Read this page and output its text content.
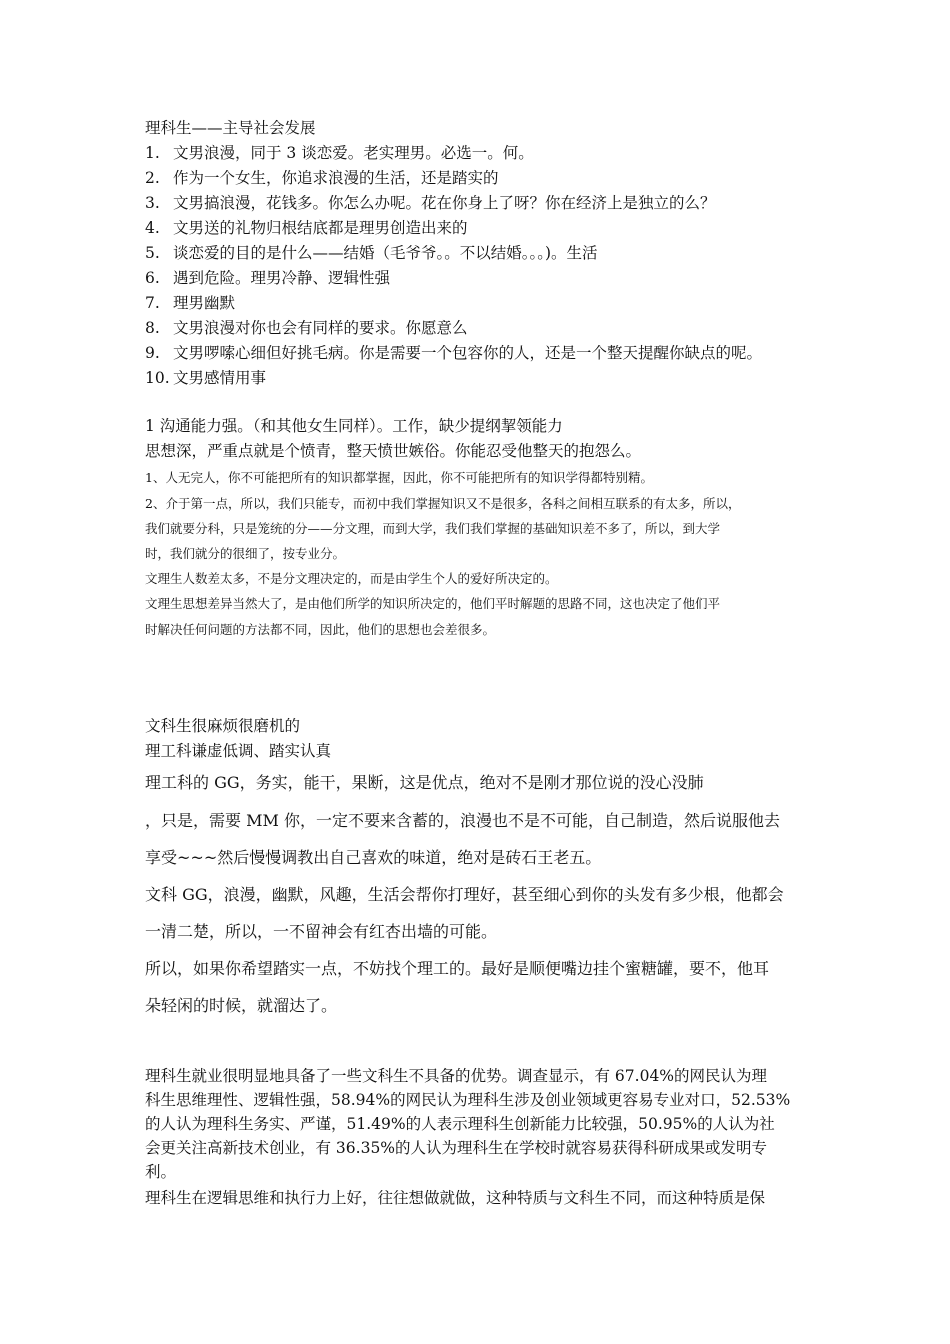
理科生——主导社会发展
1. 文男浪漫，同于 3 谈恋爱。老实理男。必选一。何。
2. 作为一个女生，你追求浪漫的生活，还是踏实的
3. 文男搞浪漫，花钱多。你怎么办呢。花在你身上了呀？你在经济上是独立的么？
4. 文男送的礼物归根结底都是理男创造出来的
5. 谈恋爱的目的是什么——结婚（毛爷爷。。不以结婚。。。)。生活
6. 遇到危险。理男冷静、逻辑性强
7. 理男幽默
8. 文男浪漫对你也会有同样的要求。你愿意么
9. 文男啰嗦心细但好挑毛病。你是需要一个包容你的人，还是一个整天提醒你缺点的呢。
10. 文男感情用事
1 沟通能力强。（和其他女生同样）。工作，缺少提纲挈领能力
思想深，严重点就是个愤青，整天愤世嫉俗。你能忍受他整天的抱怨么。
1、人无完人，你不可能把所有的知识都掌握，因此，你不可能把所有的知识学得都特别精。
2、介于第一点，所以，我们只能专，而初中我们掌握知识又不是很多，各科之间相互联系的有太多，所以，
我们就要分科，只是笼统的分——分文理，而到大学，我们我们掌握的基础知识差不多了，所以，到大学
时，我们就分的很细了，按专业分。
文理生人数差太多，不是分文理决定的，而是由学生个人的爱好所决定的。
文理生思想差异当然大了，是由他们所学的知识所决定的，他们平时解题的思路不同，这也决定了他们平
时解决任何问题的方法都不同，因此，他们的思想也会差很多。
文科生很麻烦很磨机的
理工科谦虚低调、踏实认真
理工科的 GG，务实，能干，果断，这是优点，绝对不是刚才那位说的没心没肺
，只是，需要 MM 你，一定不要来含蓄的，浪漫也不是不可能，自己制造，然后说服他去
享受~~~然后慢慢调教出自己喜欢的味道，绝对是砖石王老五。
文科 GG，浪漫，幽默，风趣，生活会帮你打理好，甚至细心到你的头发有多少根，他都会
一清二楚，所以，一不留神会有红杏出墙的可能。
所以，如果你希望踏实一点，不妨找个理工的。最好是顺便嘴边挂个蜜糖罐，要不，他耳
朵轻闲的时候，就溜达了。
理科生就业很明显地具备了一些文科生不具备的优势。调查显示，有 67.04%的网民认为理
科生思维理性、逻辑性强，58.94%的网民认为理科生涉及创业领域更容易专业对口，52.53%
的人认为理科生务实、严谨，51.49%的人表示理科生创新能力比较强，50.95%的人认为社
会更关注高新技术创业，有 36.35%的人认为理科生在学校时就容易获得科研成果或发明专
利。
理科生在逻辑思维和执行力上好，往往想做就做，这种特质与文科生不同，而这种特质是保
